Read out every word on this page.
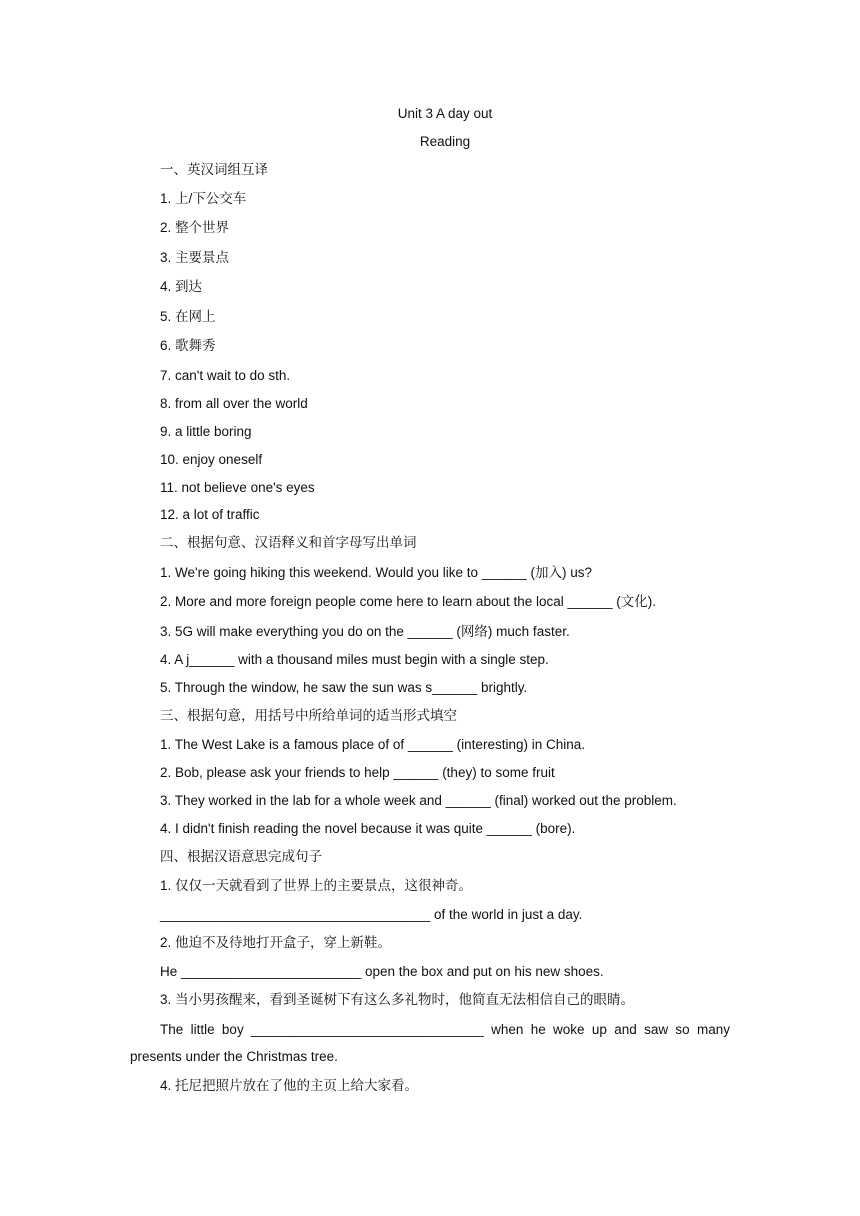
Unit 3 A day out
Reading
一、英汉词组互译
1. 上/下公交车
2. 整个世界
3. 主要景点
4. 到达
5. 在网上
6. 歌舞秀
7. can't wait to do sth.
8. from all over the world
9. a little boring
10. enjoy oneself
11. not believe one's eyes
12. a lot of traffic
二、根据句意、汉语释义和首字母写出单词
1. We're going hiking this weekend. Would you like to ______ (加入) us?
2. More and more foreign people come here to learn about the local ______ (文化).
3. 5G will make everything you do on the ______ (网络) much faster.
4. A j______ with a thousand miles must begin with a single step.
5. Through the window, he saw the sun was s______ brightly.
三、根据句意，用括号中所给单词的适当形式填空
1. The West Lake is a famous place of of ______ (interesting) in China.
2. Bob, please ask your friends to help ______ (they) to some fruit
3. They worked in the lab for a whole week and ______ (final) worked out the problem.
4. I didn't finish reading the novel because it was quite ______ (bore).
四、根据汉语意思完成句子
1. 仅仅一天就看到了世界上的主要景点，这很神奇。
____________________________________ of the world in just a day.
2. 他迫不及待地打开盒子，穿上新鞋。
He ________________________ open the box and put on his new shoes.
3. 当小男孩醒来，看到圣诞树下有这么多礼物时，他简直无法相信自己的眼睛。
The little boy _______________________________ when he woke up and saw so many
presents under the Christmas tree.
4. 托尼把照片放在了他的主页上给大家看。
